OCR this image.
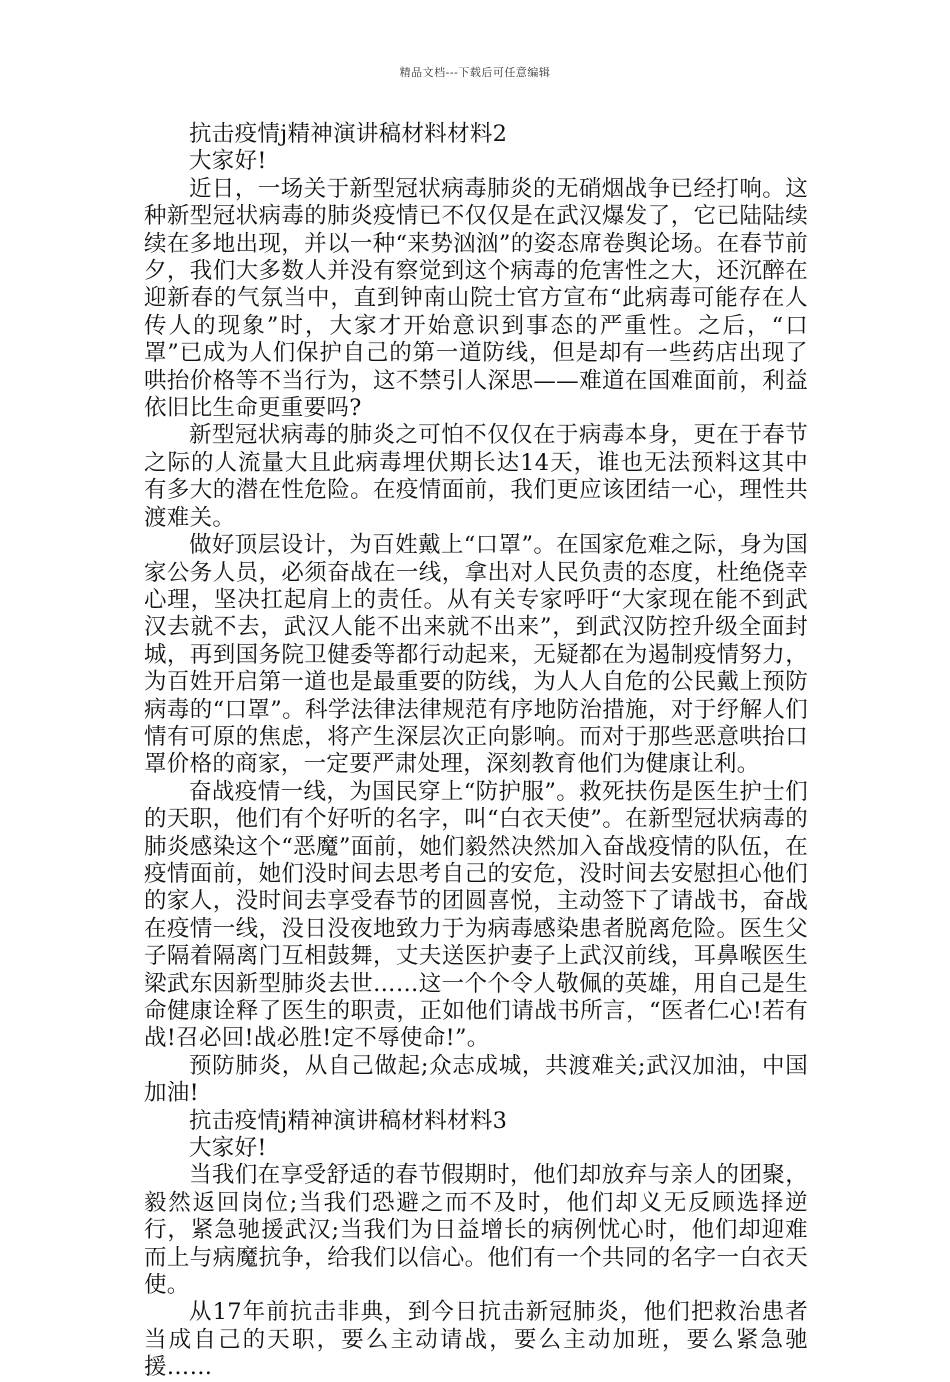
精品文档---下载后可任意编辑

抗击疫情j精神演讲稿材料材料2

大家好!

近日，一场关于新型冠状病毒肺炎的无硝烟战争已经打响。这种新型冠状病毒的肺炎疫情已不仅仅是在武汉爆发了，它已陆陆续续在多地出现，并以一种“来势汹汹”的姿态席卷舆论场。在春节前夕，我们大多数人并没有察觉到这个病毒的危害性之大，还沉醉在迎新春的气氛当中，直到钟南山院士官方宣布“此病毒可能存在人传人的现象”时，大家才开始意识到事态的严重性。之后，“口罩”已成为人们保护自己的第一道防线，但是却有一些药店出现了哄抬价格等不当行为，这不禁引人深思——难道在国难面前，利益依旧比生命更重要吗?

新型冠状病毒的肺炎之可怕不仅仅在于病毒本身，更在于春节之际的人流量大且此病毒埋伏期长达14天，谁也无法预料这其中有多大的潜在性危险。在疫情面前，我们更应该团结一心，理性共渡难关。

做好顶层设计，为百姓戴上“口罩”。在国家危难之际，身为国家公务人员，必须奋战在一线，拿出对人民负责的态度，杜绝侥幸心理，坚决扛起肩上的责任。从有关专家呼吁“大家现在能不到武汉去就不去，武汉人能不出来就不出来”，到武汉防控升级全面封城，再到国务院卫健委等都行动起来，无疑都在为遏制疫情努力，为百姓开启第一道也是最重要的防线，为人人自危的公民戴上预防病毒的“口罩”。科学法律法律规范有序地防治措施，对于纾解人们情有可原的焦虑，将产生深层次正向影响。而对于那些恶意哄抬口罩价格的商家，一定要严肃处理，深刻教育他们为健康让利。

奋战疫情一线，为国民穿上“防护服”。救死扶伤是医生护士们的天职，他们有个好听的名字，叫“白衣天使”。在新型冠状病毒的肺炎感染这个“恶魔”面前，她们毅然决然加入奋战疫情的队伍，在疫情面前，她们没时间去思考自己的安危，没时间去安慰担心他们的家人，没时间去享受春节的团圆喜悦，主动签下了请战书，奋战在疫情一线，没日没夜地致力于为病毒感染患者脱离危险。医生父子隔着隔离门互相鼓舞，丈夫送医护妻子上武汉前线，耳鼻喉医生梁武东因新型肺炎去世……这一个个令人敬佩的英雄，用自己是生命健康诠释了医生的职责，正如他们请战书所言，“医者仁心!若有战!召必回!战必胜!定不辱使命!”。

预防肺炎，从自己做起;众志成城，共渡难关;武汉加油，中国加油!

抗击疫情j精神演讲稿材料材料3

大家好!

当我们在享受舒适的春节假期时，他们却放弃与亲人的团聚，毅然返回岗位;当我们恐避之而不及时，他们却义无反顾选择逆行，紧急驰援武汉;当我们为日益增长的病例忧心时，他们却迎难而上与病魔抗争，给我们以信心。他们有一个共同的名字一白衣天使。

从17年前抗击非典，到今日抗击新冠肺炎，他们把救治患者当成自己的天职，要么主动请战，要么主动加班，要么紧急驰援……
